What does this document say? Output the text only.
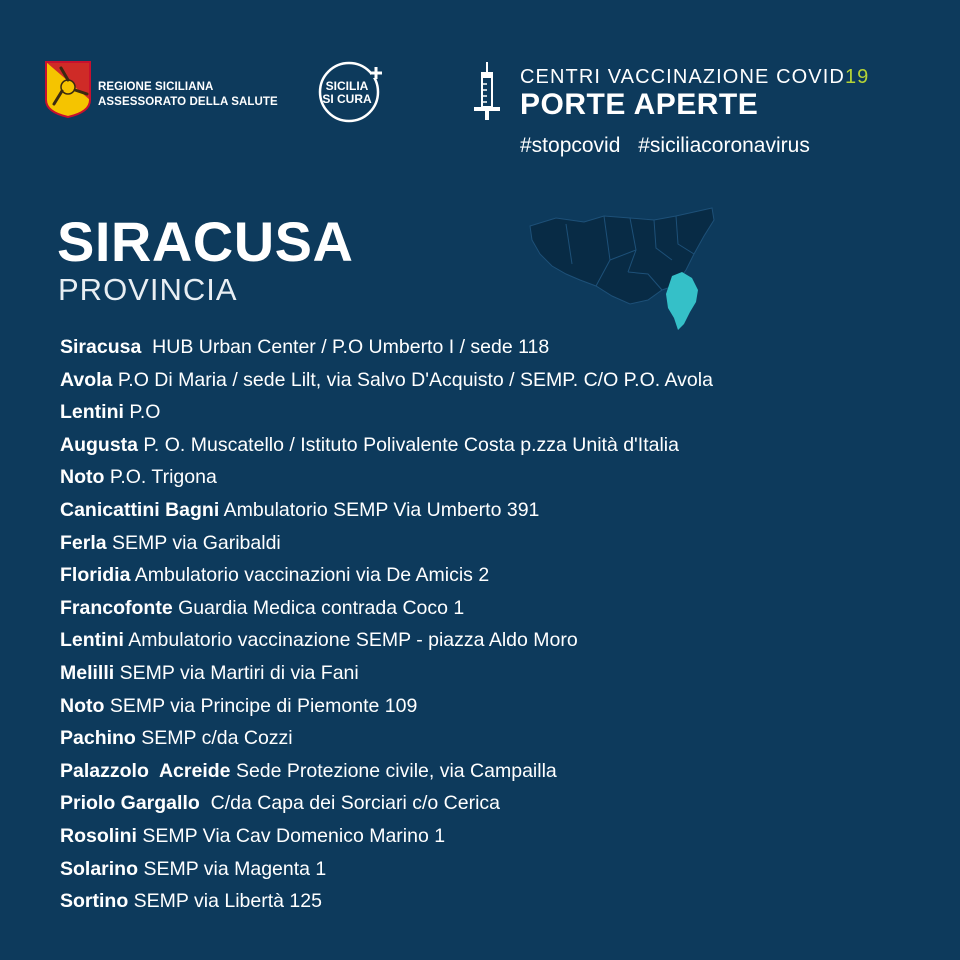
REGIONE SICILIANA
ASSESSORATO DELLA SALUTE
SICILIA
SI CURA
CENTRI VACCINAZIONE COVID19
PORTE APERTE
#stopcovid #siciliacoronavirus
SIRACUSA
PROVINCIA
Siracusa HUB Urban Center / P.O Umberto I / sede 118
Avola P.O Di Maria / sede Lilt, via Salvo D'Acquisto / SEMP. C/O P.O. Avola
Lentini P.O
Augusta P. O. Muscatello / Istituto Polivalente Costa p.zza Unità d'Italia
Noto P.O. Trigona
Canicattini Bagni Ambulatorio SEMP Via Umberto 391
Ferla SEMP via Garibaldi
Floridia Ambulatorio vaccinazioni via De Amicis 2
Francofonte Guardia Medica contrada Coco 1
Lentini Ambulatorio vaccinazione SEMP - piazza Aldo Moro
Melilli SEMP via Martiri di via Fani
Noto SEMP via Principe di Piemonte 109
Pachino SEMP c/da Cozzi
Palazzolo  Acreide Sede Protezione civile, via Campailla
Priolo Gargallo C/da Capa dei Sorciari c/o Cerica
Rosolini SEMP Via Cav Domenico Marino 1
Solarino SEMP via Magenta 1
Sortino SEMP via Libertà 125
